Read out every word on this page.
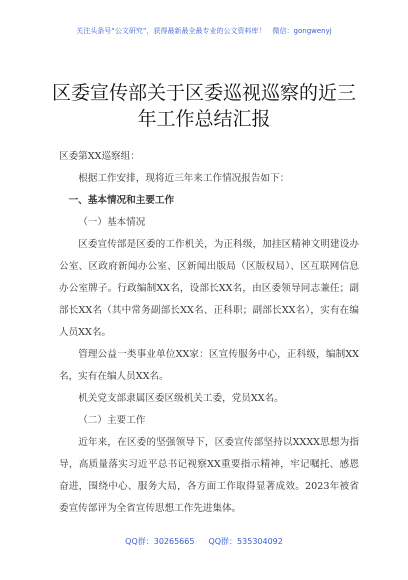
关注头条号“公文研究”，获得最新最全最专业的公文资料库！　微信：gongwenyj
区委宣传部关于区委巡视巡察的近三
年工作总结汇报

区委第XX巡察组：

根据工作安排，现将近三年来工作情况报告如下：

一、基本情况和主要工作

（一）基本情况

区委宣传部是区委的工作机关，为正科级，加挂区精神文明建设办公室、区政府新闻办公室、区新闻出版局（区版权局）、区互联网信息办公室牌子。行政编制XX名，设部长XX名，由区委领导同志兼任；副部长XX名（其中常务副部长XX名、正科职；副部长XX名），实有在编人员XX名。

管理公益一类事业单位XX家：区宣传服务中心，正科级，编制XX名，实有在编人员XX名。

机关党支部隶属区委区级机关工委，党员XX名。

（二）主要工作

近年来，在区委的坚强领导下，区委宣传部坚持以XXXX思想为指导，高质量落实习近平总书记视察XX重要指示精神，牢记嘱托、感恩奋进，围绕中心、服务大局，各方面工作取得显著成效。2023年被省委宣传部评为全省宣传思想工作先进集体。

QQ群：30265665 QQ群：535304092
